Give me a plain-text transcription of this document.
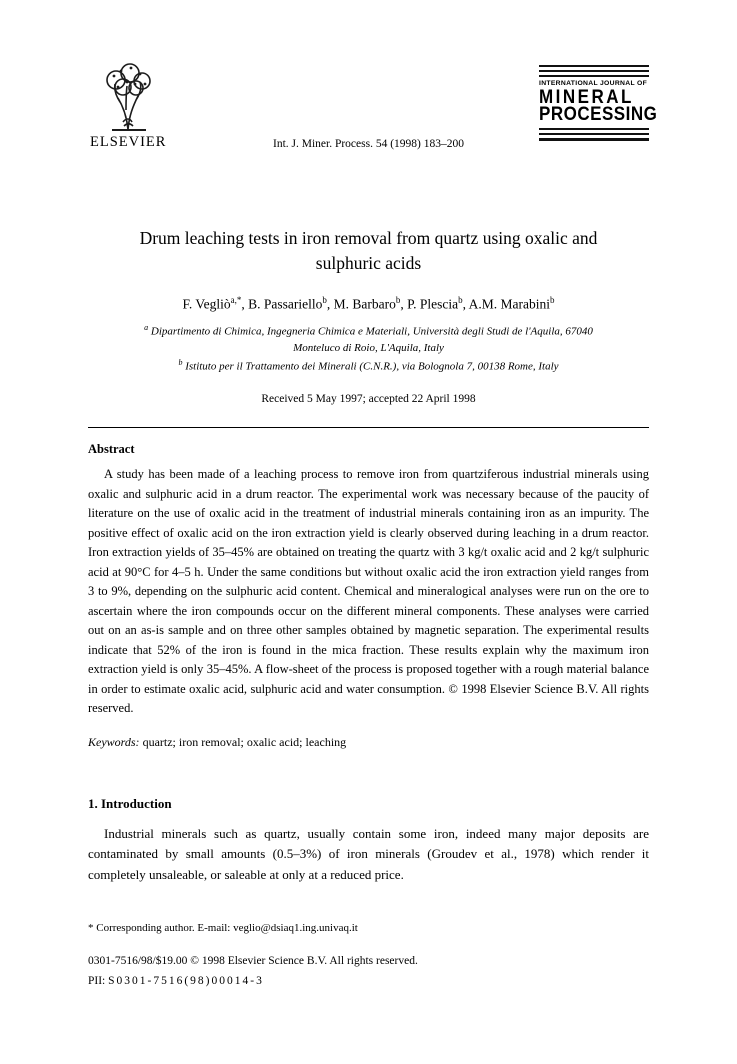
ELSEVIER	Int. J. Miner. Process. 54 (1998) 183–200
INTERNATIONAL JOURNAL OF
MINERAL
PROCESSING
Drum leaching tests in iron removal from quartz using oxalic and sulphuric acids
F. Vegliò$^{a,*}$, B. Passariello$^b$, M. Barbaro$^b$, P. Plescia$^b$, A.M. Marabini$^b$
$^a$ Dipartimento di Chimica, Ingegneria Chimica e Materiali, Università degli Studi de l'Aquila, 67040 Monteluco di Roio, L'Aquila, Italy
$^b$ Istituto per il Trattamento dei Minerali (C.N.R.), via Bolognola 7, 00138 Rome, Italy
Received 5 May 1997; accepted 22 April 1998
Abstract

A study has been made of a leaching process to remove iron from quartziferous industrial minerals using oxalic and sulphuric acid in a drum reactor. The experimental work was necessary because of the paucity of literature on the use of oxalic acid in the treatment of industrial minerals containing iron as an impurity. The positive effect of oxalic acid on the iron extraction yield is clearly observed during leaching in a drum reactor. Iron extraction yields of 35–45% are obtained on treating the quartz with 3 kg/t oxalic acid and 2 kg/t sulphuric acid at 90°C for 4–5 h. Under the same conditions but without oxalic acid the iron extraction yield ranges from 3 to 9%, depending on the sulphuric acid content. Chemical and mineralogical analyses were run on the ore to ascertain where the iron compounds occur on the different mineral components. These analyses were carried out on an as-is sample and on three other samples obtained by magnetic separation. The experimental results indicate that 52% of the iron is found in the mica fraction. These results explain why the maximum iron extraction yield is only 35–45%. A flow-sheet of the process is proposed together with a rough material balance in order to estimate oxalic acid, sulphuric acid and water consumption. © 1998 Elsevier Science B.V. All rights reserved.

Keywords: quartz; iron removal; oxalic acid; leaching
1. Introduction

Industrial minerals such as quartz, usually contain some iron, indeed many major deposits are contaminated by small amounts (0.5–3%) of iron minerals (Groudev et al., 1978) which render it completely unsaleable, or saleable at only at a reduced price.

* Corresponding author. E-mail: veglio@dsiaq1.ing.univaq.it
0301-7516/98/$19.00 © 1998 Elsevier Science B.V. All rights reserved.
PII: S0301-7516(98)00014-3
